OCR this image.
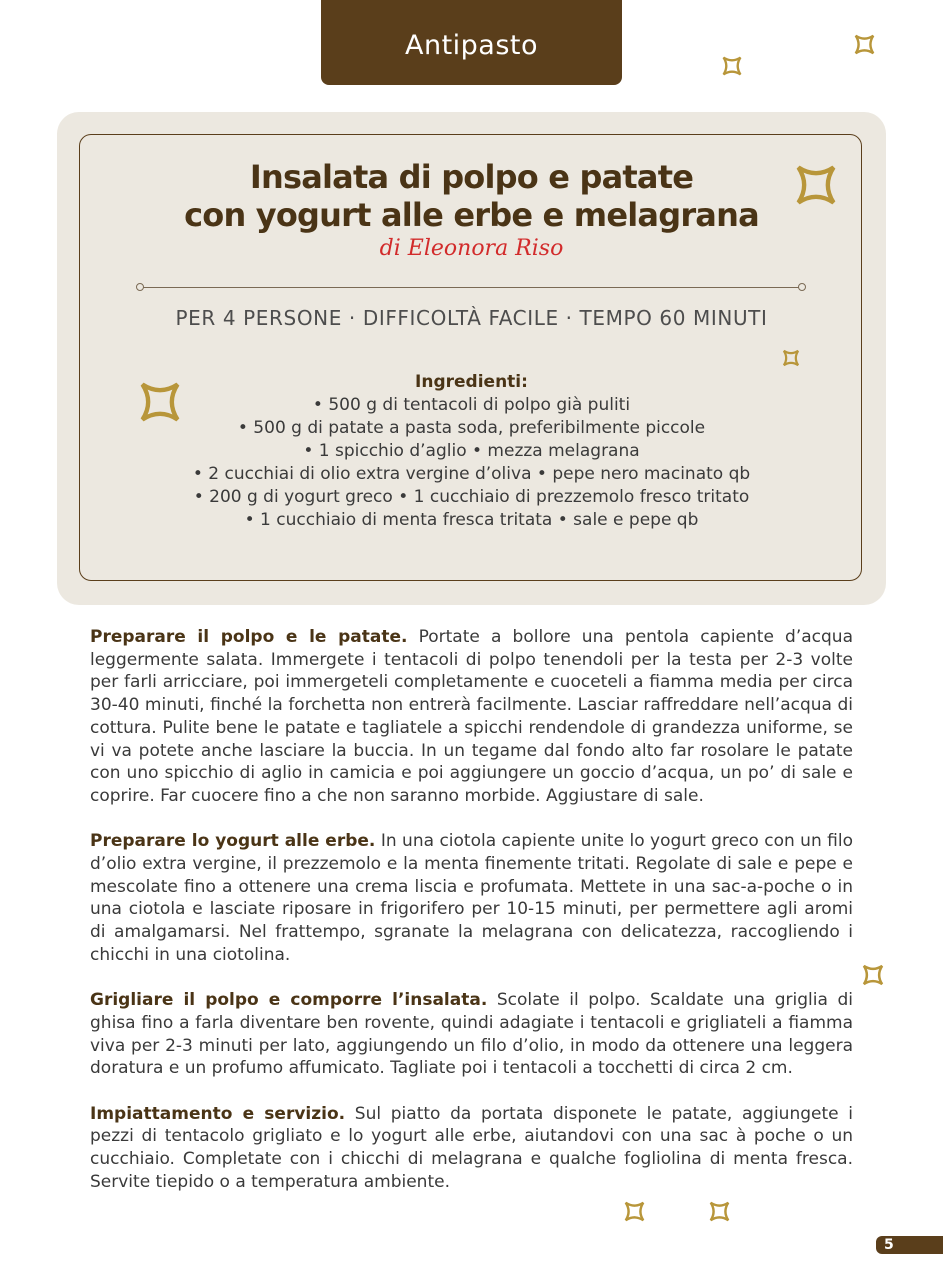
Antipasto
Insalata di polpo e patate
con yogurt alle erbe e melagrana
di Eleonora Riso
PER 4 PERSONE · DIFFICOLTÀ FACILE · TEMPO 60 MINUTI
Ingredienti:
• 500 g di tentacoli di polpo già puliti
• 500 g di patate a pasta soda, preferibilmente piccole
• 1 spicchio d’aglio • mezza melagrana
• 2 cucchiai di olio extra vergine d’oliva • pepe nero macinato qb
• 200 g di yogurt greco • 1 cucchiaio di prezzemolo fresco tritato
• 1 cucchiaio di menta fresca tritata • sale e pepe qb

Preparare il polpo e le patate. Portate a bollore una pentola capiente d’acqua leggermente salata. Immergete i tentacoli di polpo tenendoli per la testa per 2-3 volte per farli arricciare, poi immergeteli completamente e cuoceteli a fiamma media per circa 30-40 minuti, finché la forchetta non entrerà facilmente. Lasciar raffreddare nell’acqua di cottura. Pulite bene le patate e tagliatele a spicchi rendendole di grandezza uniforme, se vi va potete anche lasciare la buccia. In un tegame dal fondo alto far rosolare le patate con uno spicchio di aglio in camicia e poi aggiungere un goccio d’acqua, un po’ di sale e coprire. Far cuocere fino a che non saranno morbide. Aggiustare di sale.

Preparare lo yogurt alle erbe. In una ciotola capiente unite lo yogurt greco con un filo d’olio extra vergine, il prezzemolo e la menta finemente tritati. Regolate di sale e pepe e mescolate fino a ottenere una crema liscia e profumata. Mettete in una sac-a-poche o in una ciotola e lasciate riposare in frigorifero per 10-15 minuti, per permettere agli aromi di amalgamarsi. Nel frattempo, sgranate la melagrana con delicatezza, raccogliendo i chicchi in una ciotolina.

Grigliare il polpo e comporre l’insalata. Scolate il polpo. Scaldate una griglia di ghisa fino a farla diventare ben rovente, quindi adagiate i tentacoli e grigliateli a fiamma viva per 2-3 minuti per lato, aggiungendo un filo d’olio, in modo da ottenere una leggera doratura e un profumo affumicato. Tagliate poi i tentacoli a tocchetti di circa 2 cm.

Impiattamento e servizio. Sul piatto da portata disponete le patate, aggiungete i pezzi di tentacolo grigliato e lo yogurt alle erbe, aiutandovi con una sac à poche o un cucchiaio. Completate con i chicchi di melagrana e qualche fogliolina di menta fresca. Servite tiepido o a temperatura ambiente.

5
